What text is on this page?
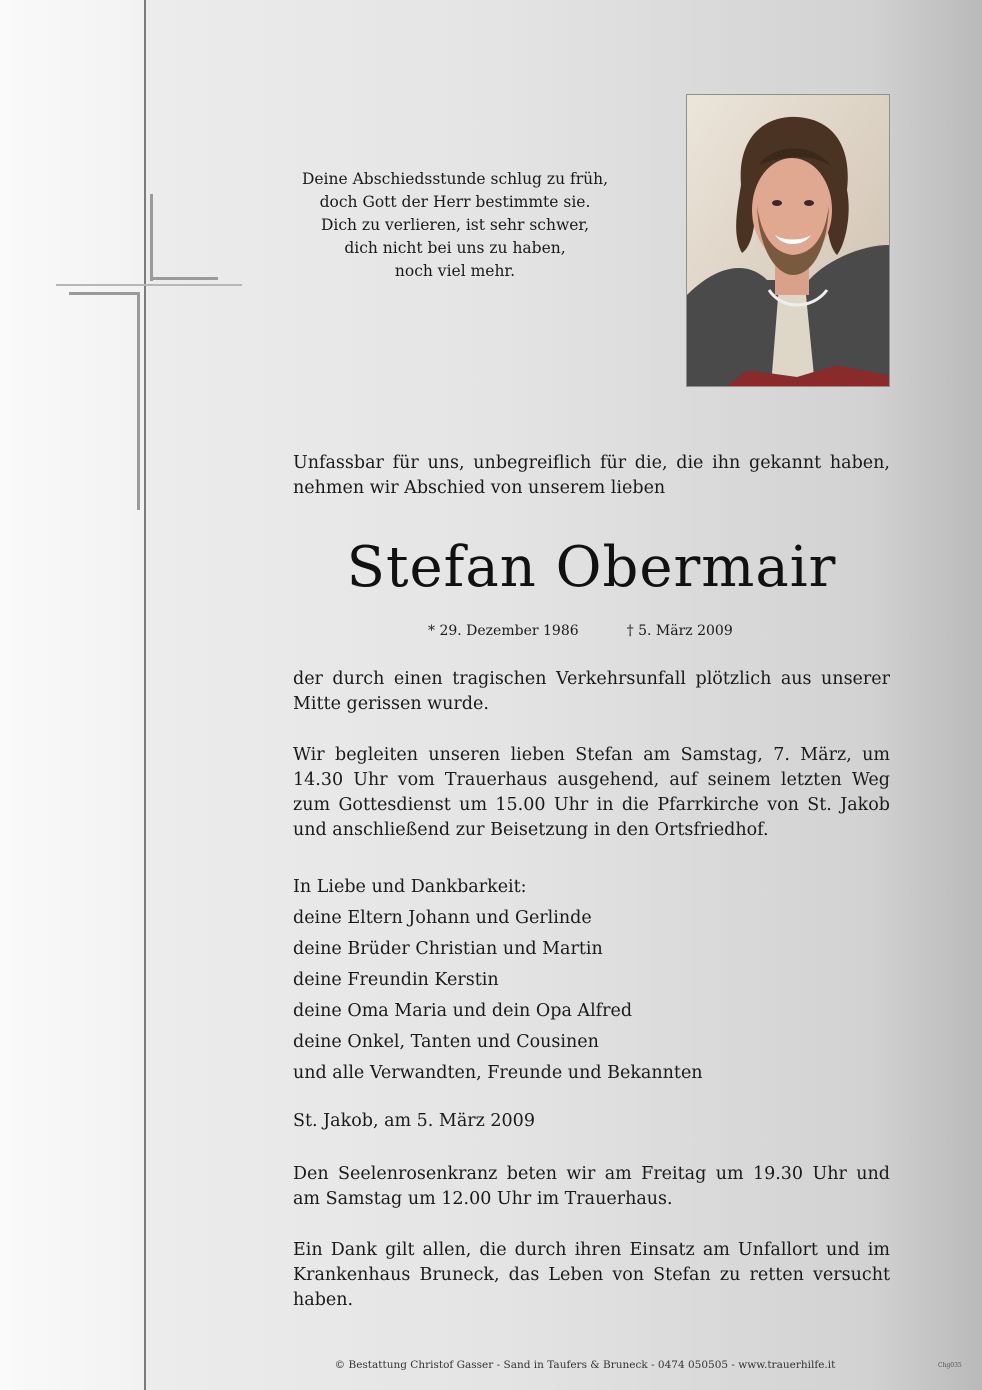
Deine Abschiedsstunde schlug zu früh,
doch Gott der Herr bestimmte sie.
Dich zu verlieren, ist sehr schwer,
dich nicht bei uns zu haben,
noch viel mehr.
Unfassbar für uns, unbegreiflich für die, die ihn gekannt haben,
nehmen wir Abschied von unserem lieben
Stefan Obermair
* 29. Dezember 1986	† 5. März 2009
der durch einen tragischen Verkehrsunfall plötzlich aus unserer
Mitte gerissen wurde.
Wir begleiten unseren lieben Stefan am Samstag, 7. März, um
14.30 Uhr vom Trauerhaus ausgehend, auf seinem letzten Weg
zum Gottesdienst um 15.00 Uhr in die Pfarrkirche von St. Jakob
und anschließend zur Beisetzung in den Ortsfriedhof.
In Liebe und Dankbarkeit:
deine Eltern Johann und Gerlinde
deine Brüder Christian und Martin
deine Freundin Kerstin
deine Oma Maria und dein Opa Alfred
deine Onkel, Tanten und Cousinen
und alle Verwandten, Freunde und Bekannten
St. Jakob, am 5. März 2009
Den Seelenrosenkranz beten wir am Freitag um 19.30 Uhr und
am Samstag um 12.00 Uhr im Trauerhaus.
Ein Dank gilt allen, die durch ihren Einsatz am Unfallort und im
Krankenhaus Bruneck, das Leben von Stefan zu retten versucht
haben.
© Bestattung Christof Gasser - Sand in Taufers & Bruneck - 0474 050505 - www.trauerhilfe.it	Chg035
